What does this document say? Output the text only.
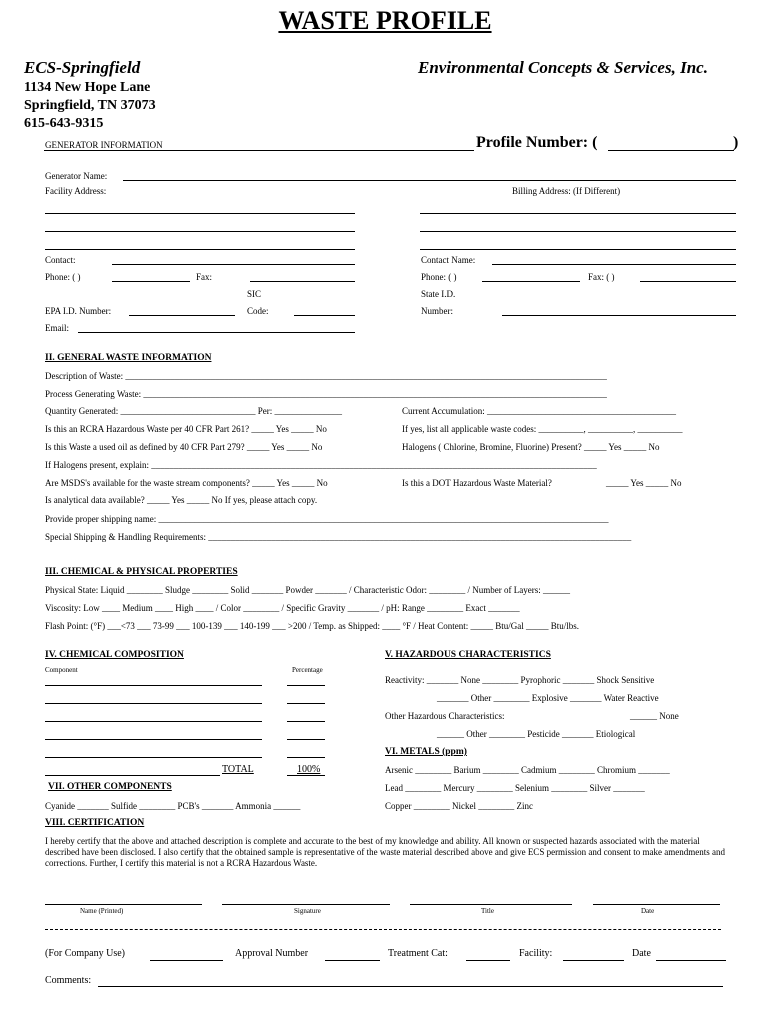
WASTE PROFILE
ECS-Springfield	Environmental Concepts & Services, Inc.
1134 New Hope Lane
Springfield, TN 37073
615-643-9315
GENERATOR INFORMATION	Profile Number: (	)
Generator Name:
Facility Address:	Billing Address: (If Different)
Contact:	Contact Name:
Phone: ( )	Fax:	Phone: ( )	Fax: ( )
SIC	State I.D.
EPA I.D. Number:	Code:	Number:
Email:
II. GENERAL WASTE INFORMATION
Description of Waste: ___________________________________________________________________________________________________________
Process Generating Waste: _______________________________________________________________________________________________________
Quantity Generated: ______________________________ Per: _______________	Current Accumulation: __________________________________________
Is this an RCRA Hazardous Waste per 40 CFR Part 261? _____ Yes _____ No	If yes, list all applicable waste codes: __________, __________, __________
Is this Waste a used oil as defined by 40 CFR Part 279? _____ Yes _____ No	Halogens ( Chlorine, Bromine, Fluorine) Present? _____ Yes _____ No
If Halogens present, explain: ___________________________________________________________________________________________________
Are MSDS's available for the waste stream components? _____ Yes _____ No	Is this a DOT Hazardous Waste Material?	_____ Yes _____ No
Is analytical data available? _____ Yes _____ No If yes, please attach copy.
Provide proper shipping name: ____________________________________________________________________________________________________
Special Shipping & Handling Requirements: ______________________________________________________________________________________________
III. CHEMICAL & PHYSICAL PROPERTIES
Physical State: Liquid ________ Sludge ________ Solid _______ Powder _______ / Characteristic Odor: ________ / Number of Layers: ______
Viscosity: Low ____ Medium ____ High ____ / Color ________ / Specific Gravity _______ / pH: Range ________ Exact _______
Flash Point: (°F) ___<73 ___ 73-99 ___ 100-139 ___ 140-199 ___ >200 / Temp. as Shipped: ____ °F / Heat Content: _____ Btu/Gal _____ Btu/lbs.
IV. CHEMICAL COMPOSITION
Component	Percentage
TOTAL	100%
V. HAZARDOUS CHARACTERISTICS
Reactivity: _______ None ________ Pyrophoric _______ Shock Sensitive
_______ Other ________ Explosive _______ Water Reactive
Other Hazardous Characteristics:	______ None
______ Other ________ Pesticide _______ Etiological
VI. METALS (ppm)
Arsenic ________ Barium ________ Cadmium ________ Chromium _______
Lead ________ Mercury ________ Selenium ________ Silver _______
Copper ________ Nickel ________ Zinc
VII. OTHER COMPONENTS
Cyanide _______ Sulfide ________ PCB's _______ Ammonia ______
VIII. CERTIFICATION
I hereby certify that the above and attached description is complete and accurate to the best of my knowledge and ability. All known or suspected hazards associated with the material described have been disclosed. I also certify that the obtained sample is representative of the waste material described above and give ECS permission and consent to make amendments and corrections. Further, I certify this material is not a RCRA Hazardous Waste.
Name (Printed)	Signature	Title	Date
(For Company Use)	Approval Number	Treatment Cat:	Facility:	Date
Comments:
